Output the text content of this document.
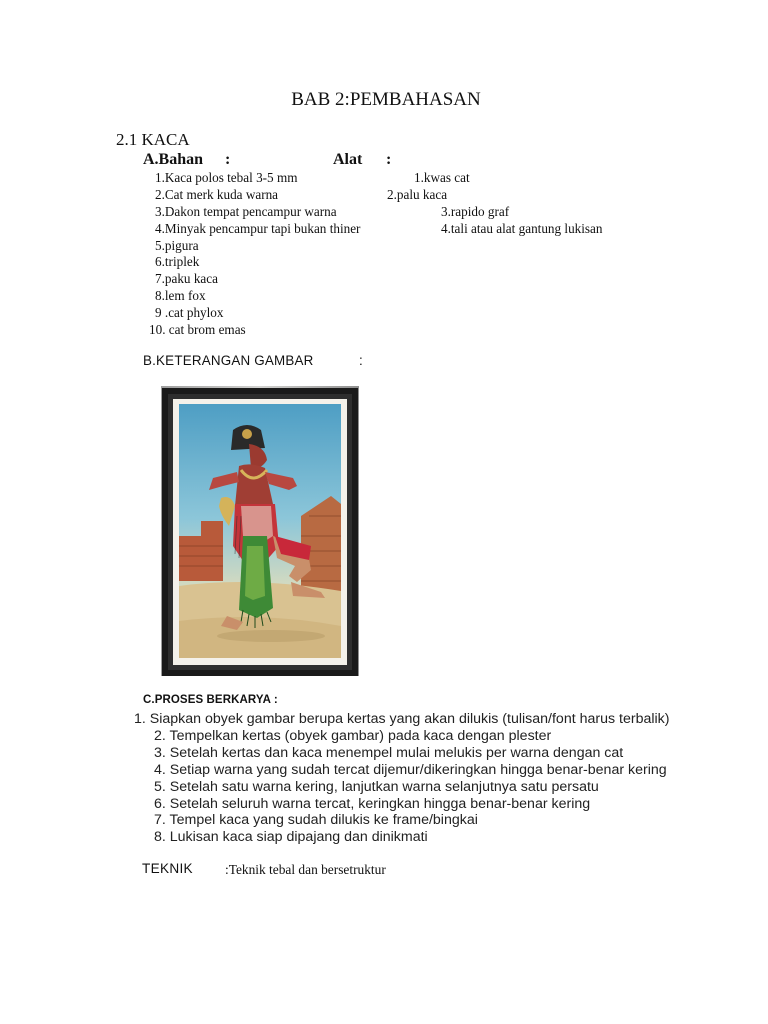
BAB 2:PEMBAHASAN
2.1 KACA
A.Bahan :	Alat :
1.Kaca polos tebal 3-5 mm
2.Cat merk kuda warna
3.Dakon tempat pencampur warna
4.Minyak pencampur tapi bukan thiner
5.pigura
6.triplek
7.paku kaca
8.lem fox
9 .cat phylox
10. cat brom emas
1.kwas cat
2.palu kaca
3.rapido graf
4.tali atau alat gantung lukisan
B.KETERANGAN GAMBAR	:
C.PROSES BERKARYA :
1. Siapkan obyek gambar berupa kertas yang akan dilukis (tulisan/font harus terbalik)
2. Tempelkan kertas (obyek gambar) pada kaca dengan plester
3. Setelah kertas dan kaca menempel mulai melukis per warna dengan cat
4. Setiap warna yang sudah tercat dijemur/dikeringkan hingga benar-benar kering
5. Setelah satu warna kering, lanjutkan warna selanjutnya satu persatu
6. Setelah seluruh warna tercat, keringkan hingga benar-benar kering
7. Tempel kaca yang sudah dilukis ke frame/bingkai
8. Lukisan kaca siap dipajang dan dinikmati
TEKNIK :Teknik tebal dan bersetruktur
